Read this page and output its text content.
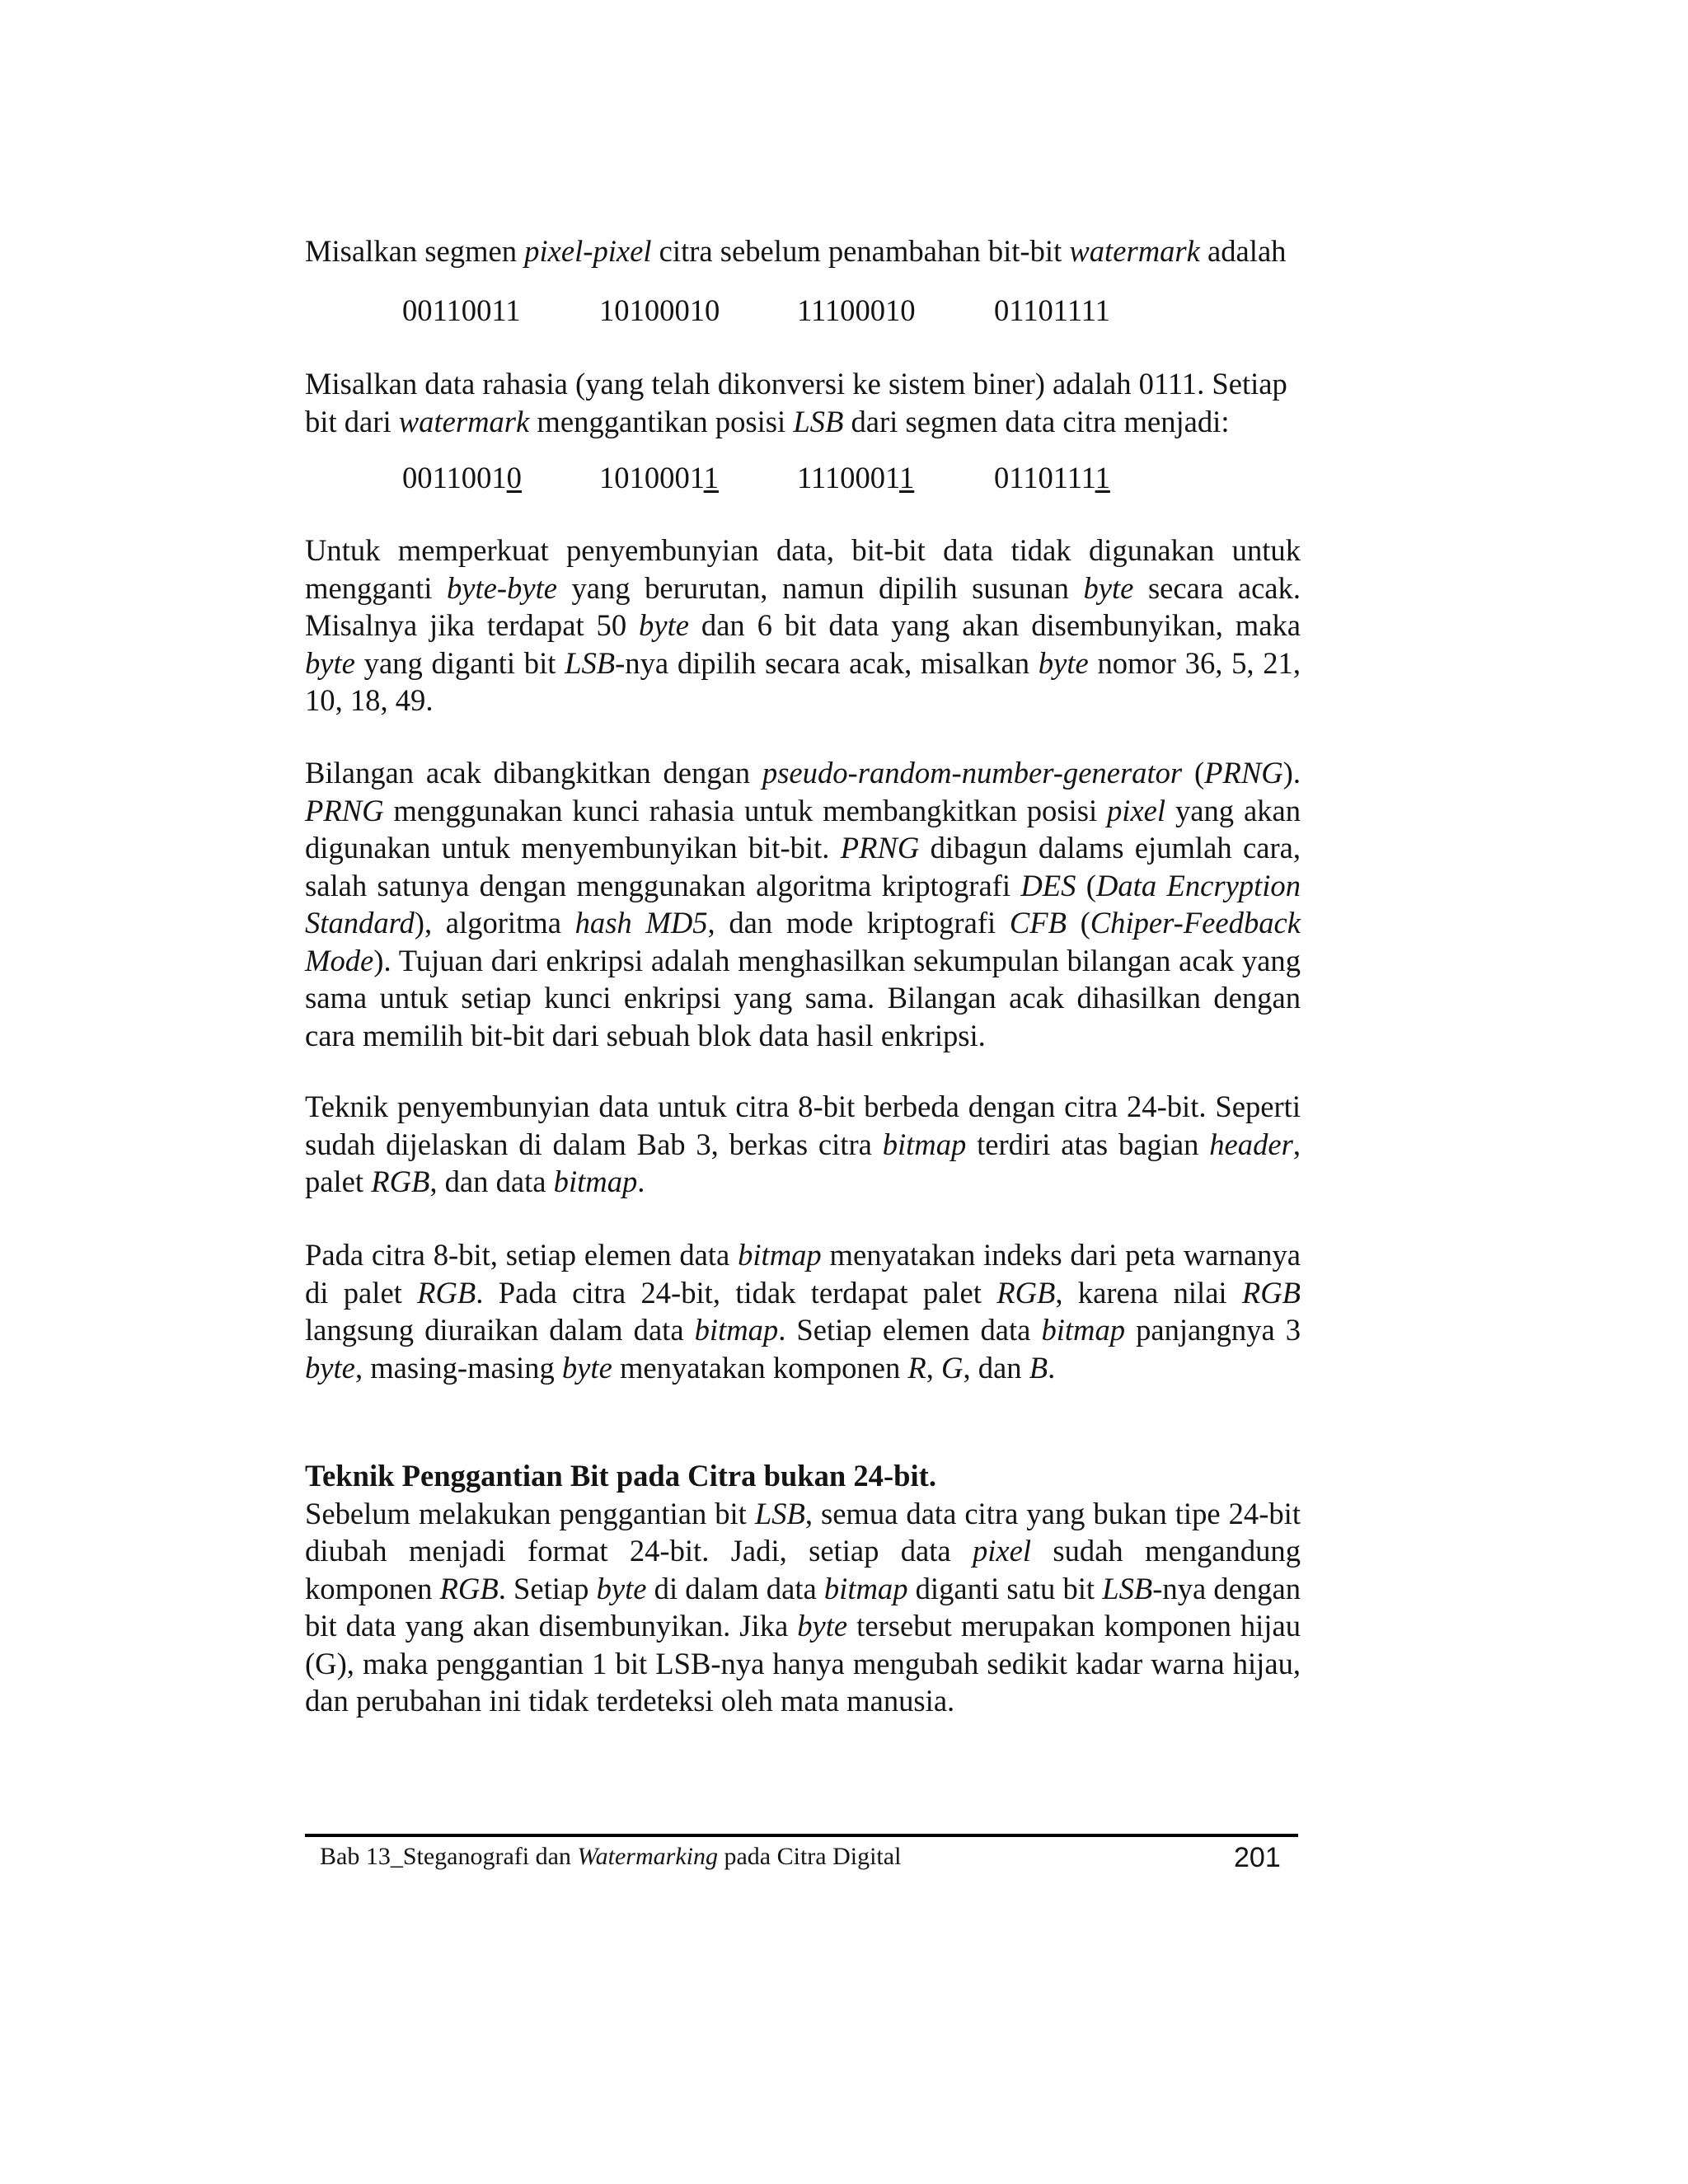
Misalkan segmen pixel-pixel citra sebelum penambahan bit-bit watermark adalah

00110011	10100010	11100010	01101111

Misalkan data rahasia (yang telah dikonversi ke sistem biner) adalah 0111. Setiap bit dari watermark menggantikan posisi LSB dari segmen data citra menjadi:

00110010	10100011	11100011	01101111

Untuk memperkuat penyembunyian data, bit-bit data tidak digunakan untuk mengganti byte-byte yang berurutan, namun dipilih susunan byte secara acak. Misalnya jika terdapat 50 byte dan 6 bit data yang akan disembunyikan, maka byte yang diganti bit LSB-nya dipilih secara acak, misalkan byte nomor 36, 5, 21, 10, 18, 49.

Bilangan acak dibangkitkan dengan pseudo-random-number-generator (PRNG). PRNG menggunakan kunci rahasia untuk membangkitkan posisi pixel yang akan digunakan untuk menyembunyikan bit-bit. PRNG dibagun dalams ejumlah cara, salah satunya dengan menggunakan algoritma kriptografi DES (Data Encryption Standard), algoritma hash MD5, dan mode kriptografi CFB (Chiper-Feedback Mode). Tujuan dari enkripsi adalah menghasilkan sekumpulan bilangan acak yang sama untuk setiap kunci enkripsi yang sama. Bilangan acak dihasilkan dengan cara memilih bit-bit dari sebuah blok data hasil enkripsi.

Teknik penyembunyian data untuk citra 8-bit berbeda dengan citra 24-bit. Seperti sudah dijelaskan di dalam Bab 3, berkas citra bitmap terdiri atas bagian header, palet RGB, dan data bitmap.

Pada citra 8-bit, setiap elemen data bitmap menyatakan indeks dari peta warnanya di palet RGB. Pada citra 24-bit, tidak terdapat palet RGB, karena nilai RGB langsung diuraikan dalam data bitmap. Setiap elemen data bitmap panjangnya 3 byte, masing-masing byte menyatakan komponen R, G, dan B.

Teknik Penggantian Bit pada Citra bukan 24-bit.

Sebelum melakukan penggantian bit LSB, semua data citra yang bukan tipe 24-bit diubah menjadi format 24-bit. Jadi, setiap data pixel sudah mengandung komponen RGB. Setiap byte di dalam data bitmap diganti satu bit LSB-nya dengan bit data yang akan disembunyikan. Jika byte tersebut merupakan komponen hijau (G), maka penggantian 1 bit LSB-nya hanya mengubah sedikit kadar warna hijau, dan perubahan ini tidak terdeteksi oleh mata manusia.

Bab 13_Steganografi dan Watermarking pada Citra Digital	201
